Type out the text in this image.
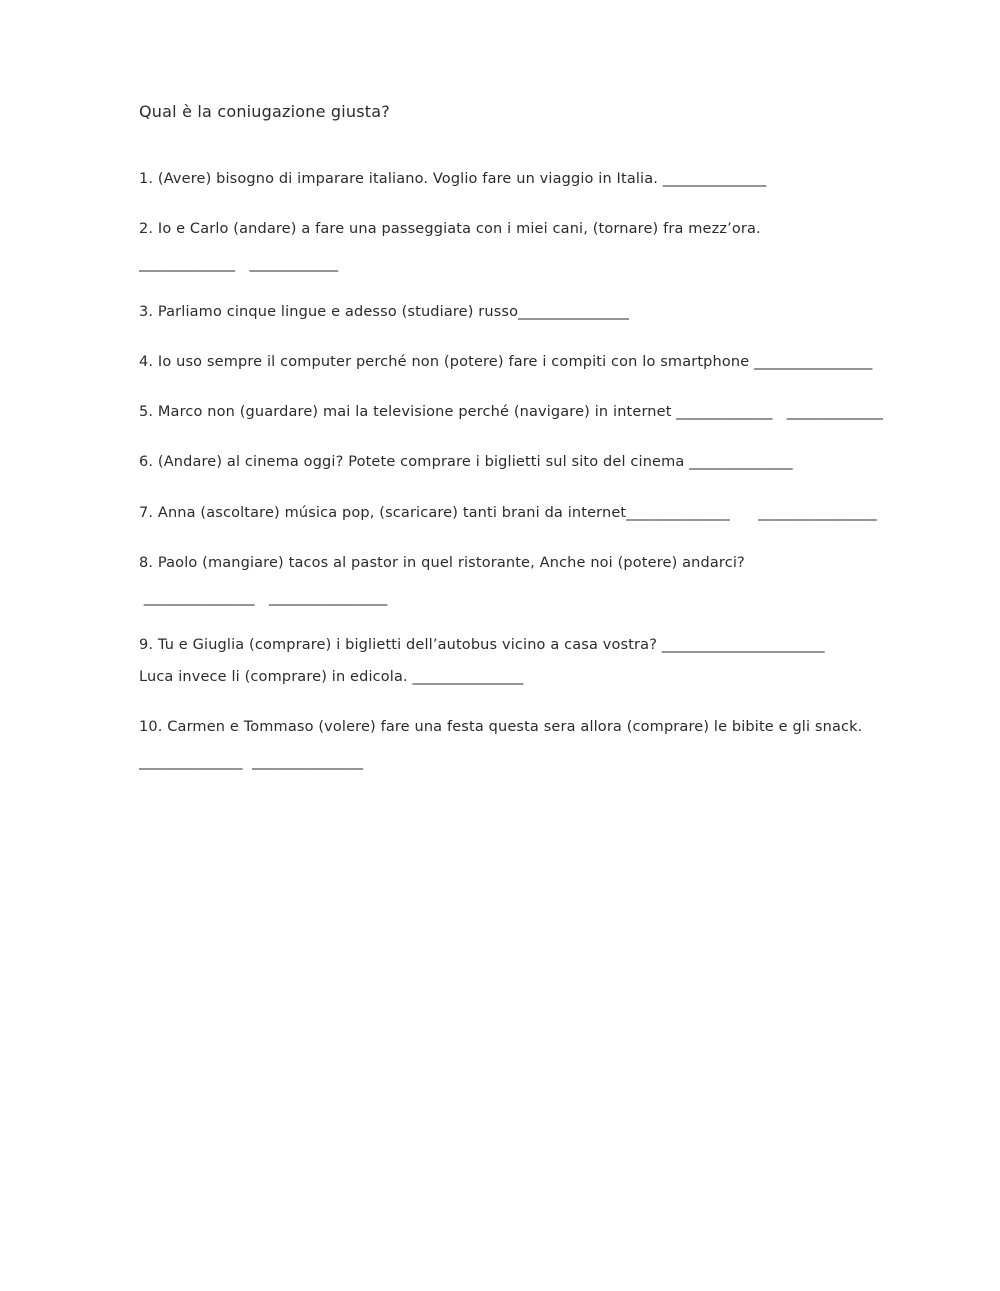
Qual è la coniugazione giusta?
1. (Avere) bisogno di imparare italiano. Voglio fare un viaggio in Italia. ______________
2. Io e Carlo (andare) a fare una passeggiata con i miei cani, (tornare) fra mezz’ora.
_____________   ____________
3. Parliamo cinque lingue e adesso (studiare) russo_______________
4. Io uso sempre il computer perché non (potere) fare i compiti con lo smartphone ________________
5. Marco non (guardare) mai la televisione perché (navigare) in internet _____________   _____________
6. (Andare) al cinema oggi? Potete comprare i biglietti sul sito del cinema ______________
7. Anna (ascoltare) música pop, (scaricare) tanti brani da internet______________      ________________
8. Paolo (mangiare) tacos al pastor in quel ristorante, Anche noi (potere) andarci?
_______________   ________________
9. Tu e Giuglia (comprare) i biglietti dell’autobus vicino a casa vostra? ______________________
Luca invece li (comprare) in edicola. _______________
10. Carmen e Tommaso (volere) fare una festa questa sera allora (comprare) le bibite e gli snack.
______________  _______________
